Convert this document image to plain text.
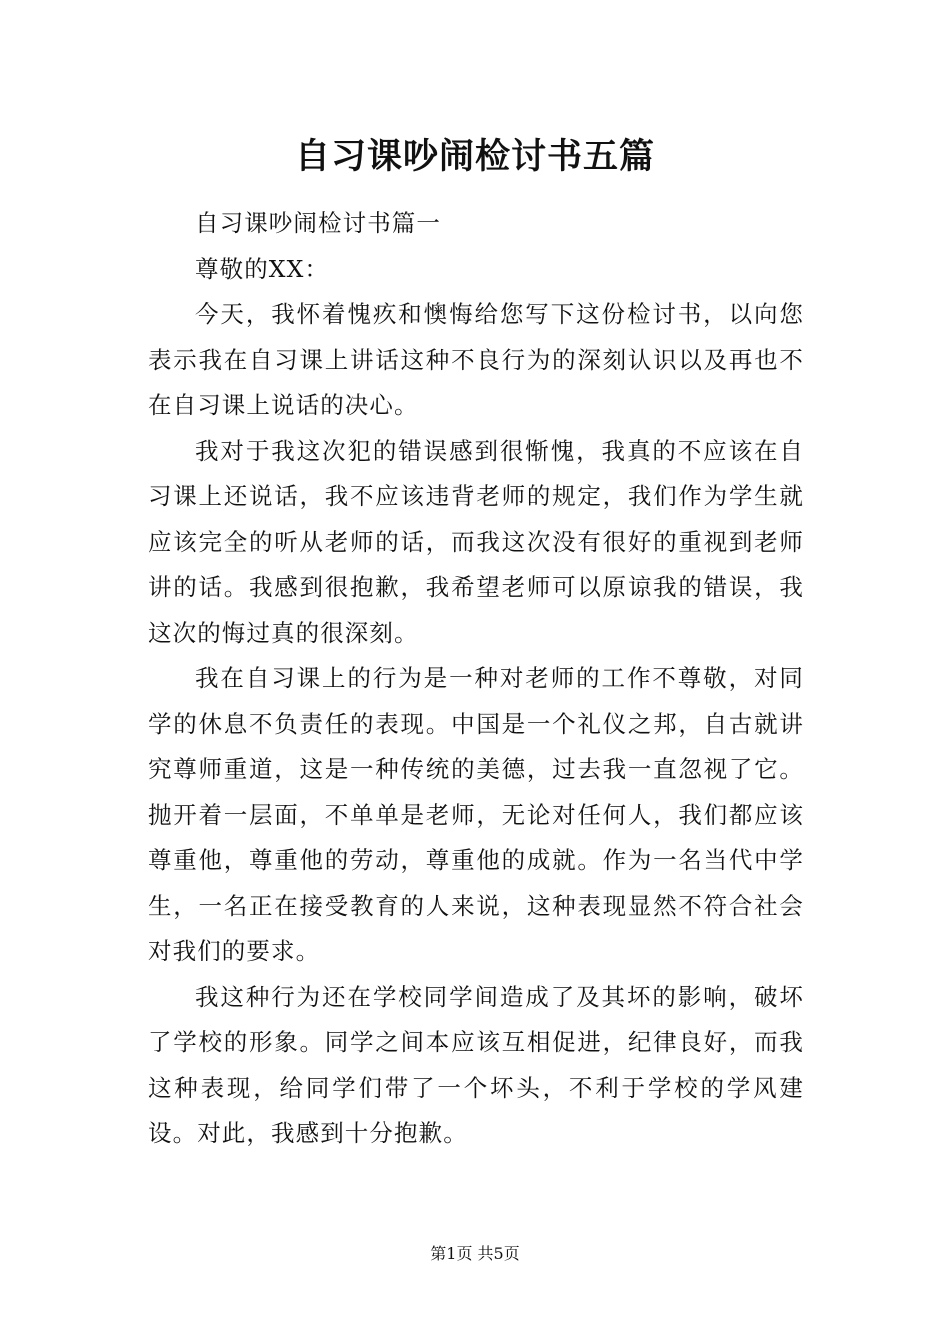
自习课吵闹检讨书五篇

自习课吵闹检讨书篇一

尊敬的XX：

今天，我怀着愧疚和懊悔给您写下这份检讨书，以向您表示我在自习课上讲话这种不良行为的深刻认识以及再也不在自习课上说话的决心。

我对于我这次犯的错误感到很惭愧，我真的不应该在自习课上还说话，我不应该违背老师的规定，我们作为学生就应该完全的听从老师的话，而我这次没有很好的重视到老师讲的话。我感到很抱歉，我希望老师可以原谅我的错误，我这次的悔过真的很深刻。

我在自习课上的行为是一种对老师的工作不尊敬，对同学的休息不负责任的表现。中国是一个礼仪之邦，自古就讲究尊师重道，这是一种传统的美德，过去我一直忽视了它。抛开着一层面，不单单是老师，无论对任何人，我们都应该尊重他，尊重他的劳动，尊重他的成就。作为一名当代中学生，一名正在接受教育的人来说，这种表现显然不符合社会对我们的要求。

我这种行为还在学校同学间造成了及其坏的影响，破坏了学校的形象。同学之间本应该互相促进，纪律良好，而我这种表现，给同学们带了一个坏头，不利于学校的学风建设。对此，我感到十分抱歉。

第1页 共5页
